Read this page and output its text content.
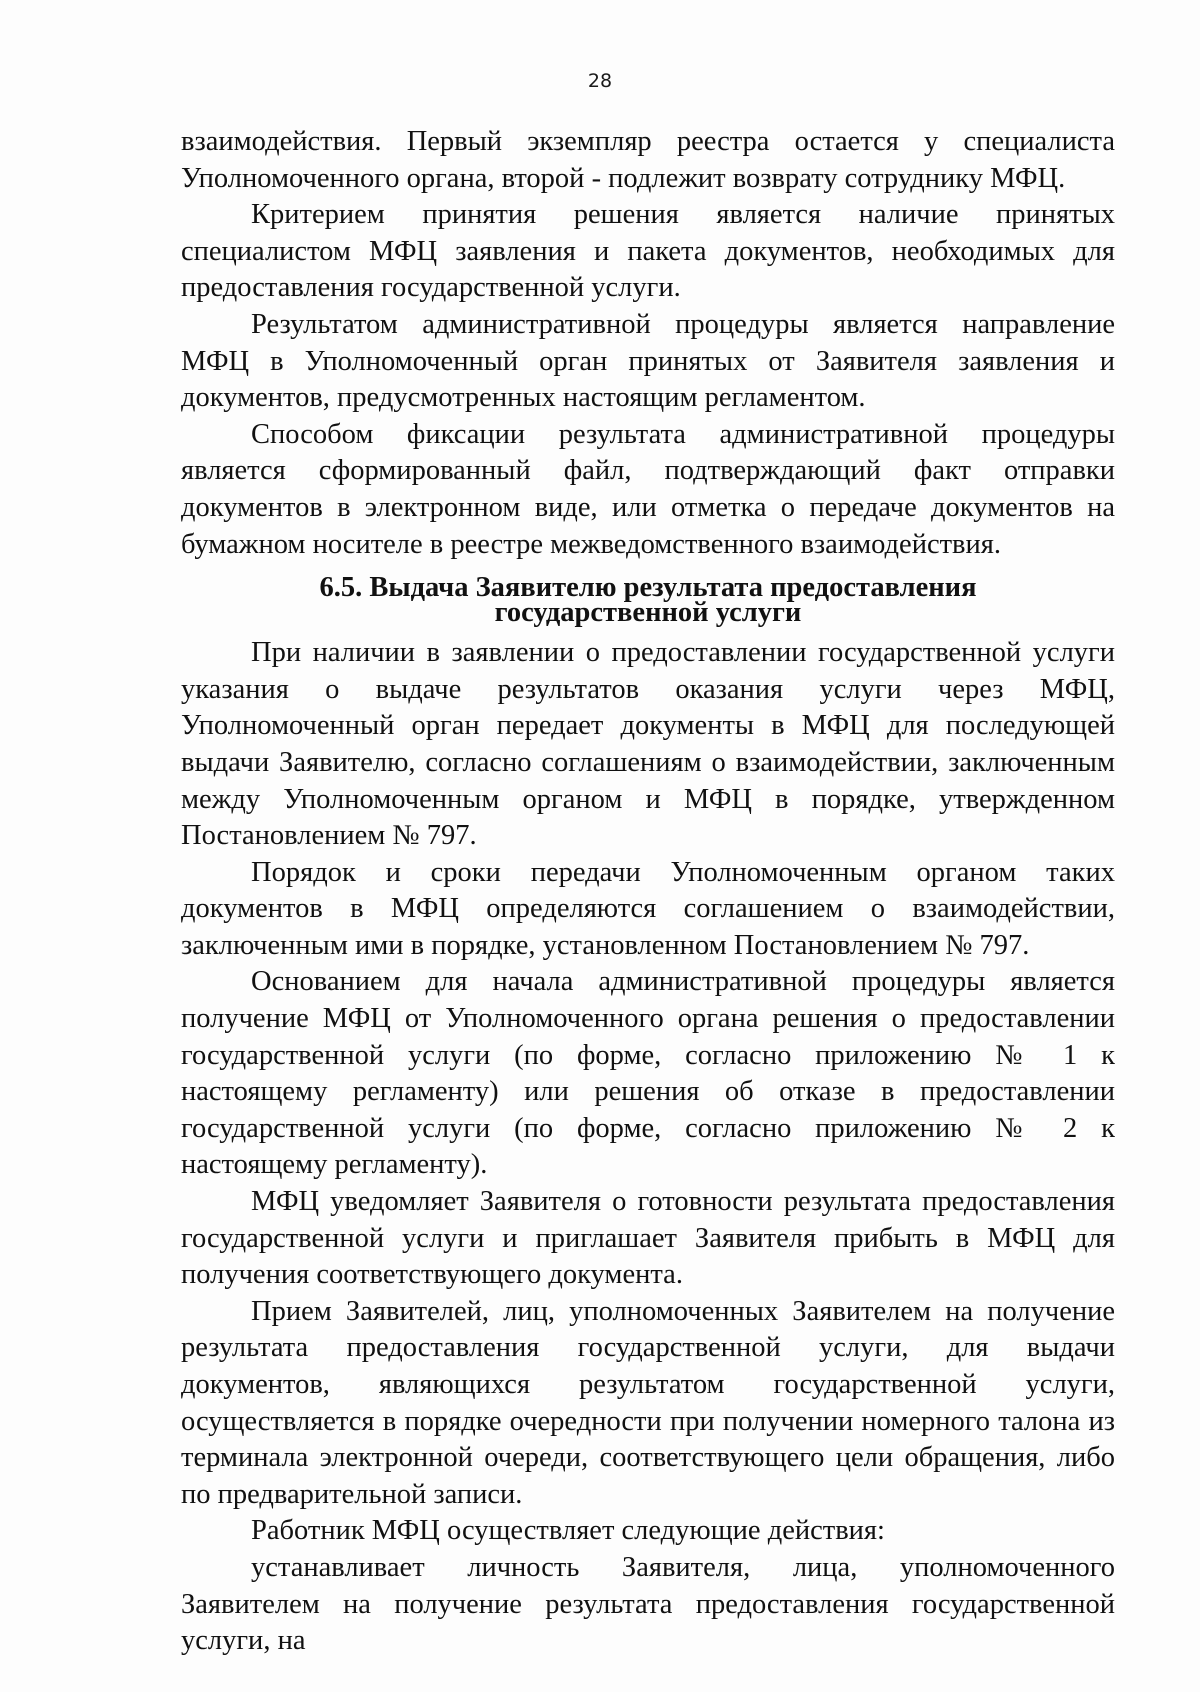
28

взаимодействия. Первый экземпляр реестра остается у специалиста Уполномоченного органа, второй - подлежит возврату сотруднику МФЦ.

Критерием принятия решения является наличие принятых специалистом МФЦ заявления и пакета документов, необходимых для предоставления государственной услуги.

Результатом административной процедуры является направление МФЦ в Уполномоченный орган принятых от Заявителя заявления и документов, предусмотренных настоящим регламентом.

Способом фиксации результата административной процедуры является сформированный файл, подтверждающий факт отправки документов в электронном виде, или отметка о передаче документов на бумажном носителе в реестре межведомственного взаимодействия.

6.5. Выдача Заявителю результата предоставления
государственной услуги

При наличии в заявлении о предоставлении государственной услуги указания о выдаче результатов оказания услуги через МФЦ, Уполномоченный орган передает документы в МФЦ для последующей выдачи Заявителю, согласно соглашениям о взаимодействии, заключенным между Уполномоченным органом и МФЦ в порядке, утвержденном Постановлением № 797.

Порядок и сроки передачи Уполномоченным органом таких документов в МФЦ определяются соглашением о взаимодействии, заключенным ими в порядке, установленном Постановлением № 797.

Основанием для начала административной процедуры является получение МФЦ от Уполномоченного органа решения о предоставлении государственной услуги (по форме, согласно приложению № 1 к настоящему регламенту) или решения об отказе в предоставлении государственной услуги (по форме, согласно приложению № 2 к настоящему регламенту).

МФЦ уведомляет Заявителя о готовности результата предоставления государственной услуги и приглашает Заявителя прибыть в МФЦ для получения соответствующего документа.

Прием Заявителей, лиц, уполномоченных Заявителем на получение результата предоставления государственной услуги, для выдачи документов, являющихся результатом государственной услуги, осуществляется в порядке очередности при получении номерного талона из терминала электронной очереди, соответствующего цели обращения, либо по предварительной записи.

Работник МФЦ осуществляет следующие действия:

устанавливает личность Заявителя, лица, уполномоченного Заявителем на получение результата предоставления государственной услуги, на
